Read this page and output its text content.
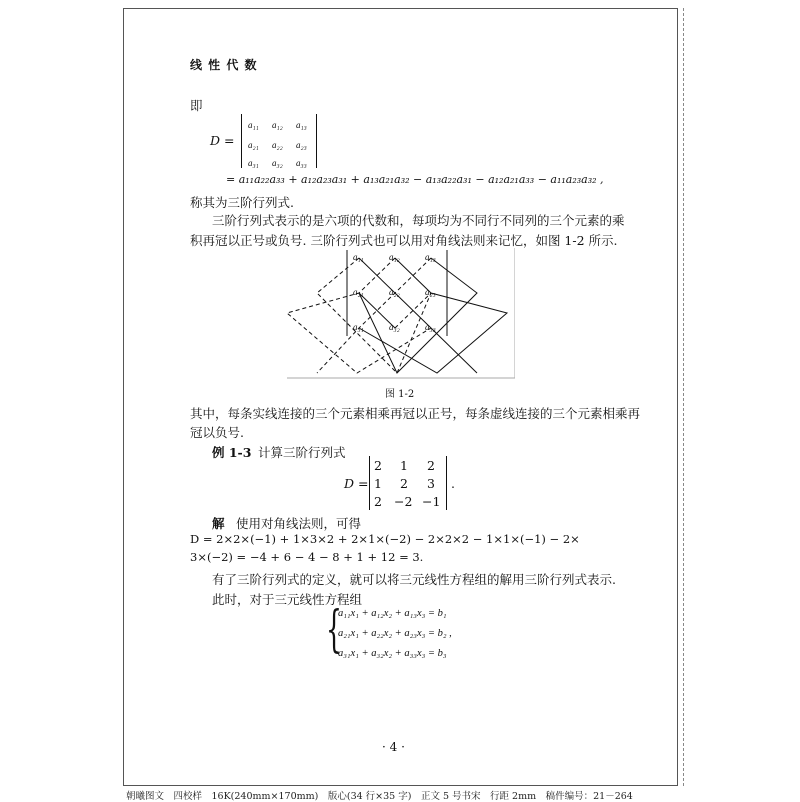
线 性 代 数
即
D =
a₁₁ a₁₂ a₁₃
a₂₁ a₂₂ a₂₃
a₃₁ a₃₂ a₃₃
= a₁₁a₂₂a₃₃ + a₁₂a₂₃a₃₁ + a₁₃a₂₁a₃₂ − a₁₃a₂₂a₃₁ − a₁₂a₂₁a₃₃ − a₁₁a₂₃a₃₂ ,
称其为三阶行列式.
三阶行列式表示的是六项的代数和，每项均为不同行不同列的三个元素的乘
积再冠以正号或负号. 三阶行列式也可以用对角线法则来记忆，如图 1-2 所示.
a₁₁	a₁₂	a₁₃
a₂₁	a₂₂	a₂₃
a₃₁	a₃₂	a₃₃
图 1-2
其中，每条实线连接的三个元素相乘再冠以正号，每条虚线连接的三个元素相乘再
冠以负号.
例 1-3 计算三阶行列式
D =
2 1 2
1 2 3
2 −2 −1
.
解 使用对角线法则，可得
D = 2×2×(−1) + 1×3×2 + 2×1×(−2) − 2×2×2 − 1×1×(−1) − 2×
3×(−2) = −4 + 6 − 4 − 8 + 1 + 12 = 3.
有了三阶行列式的定义，就可以将三元线性方程组的解用三阶行列式表示.
此时，对于三元线性方程组
{
a₁₁x₁ + a₁₂x₂ + a₁₃x₃ = b₁
a₂₁x₁ + a₂₂x₂ + a₂₃x₃ = b₂ ,
a₃₁x₁ + a₃₂x₂ + a₃₃x₃ = b₃
· 4 ·
朝曦图文　四校样　16K(240mm×170mm)　版心(34 行×35 字)　正文 5 号书宋　行距 2mm　稿件编号：21－264
